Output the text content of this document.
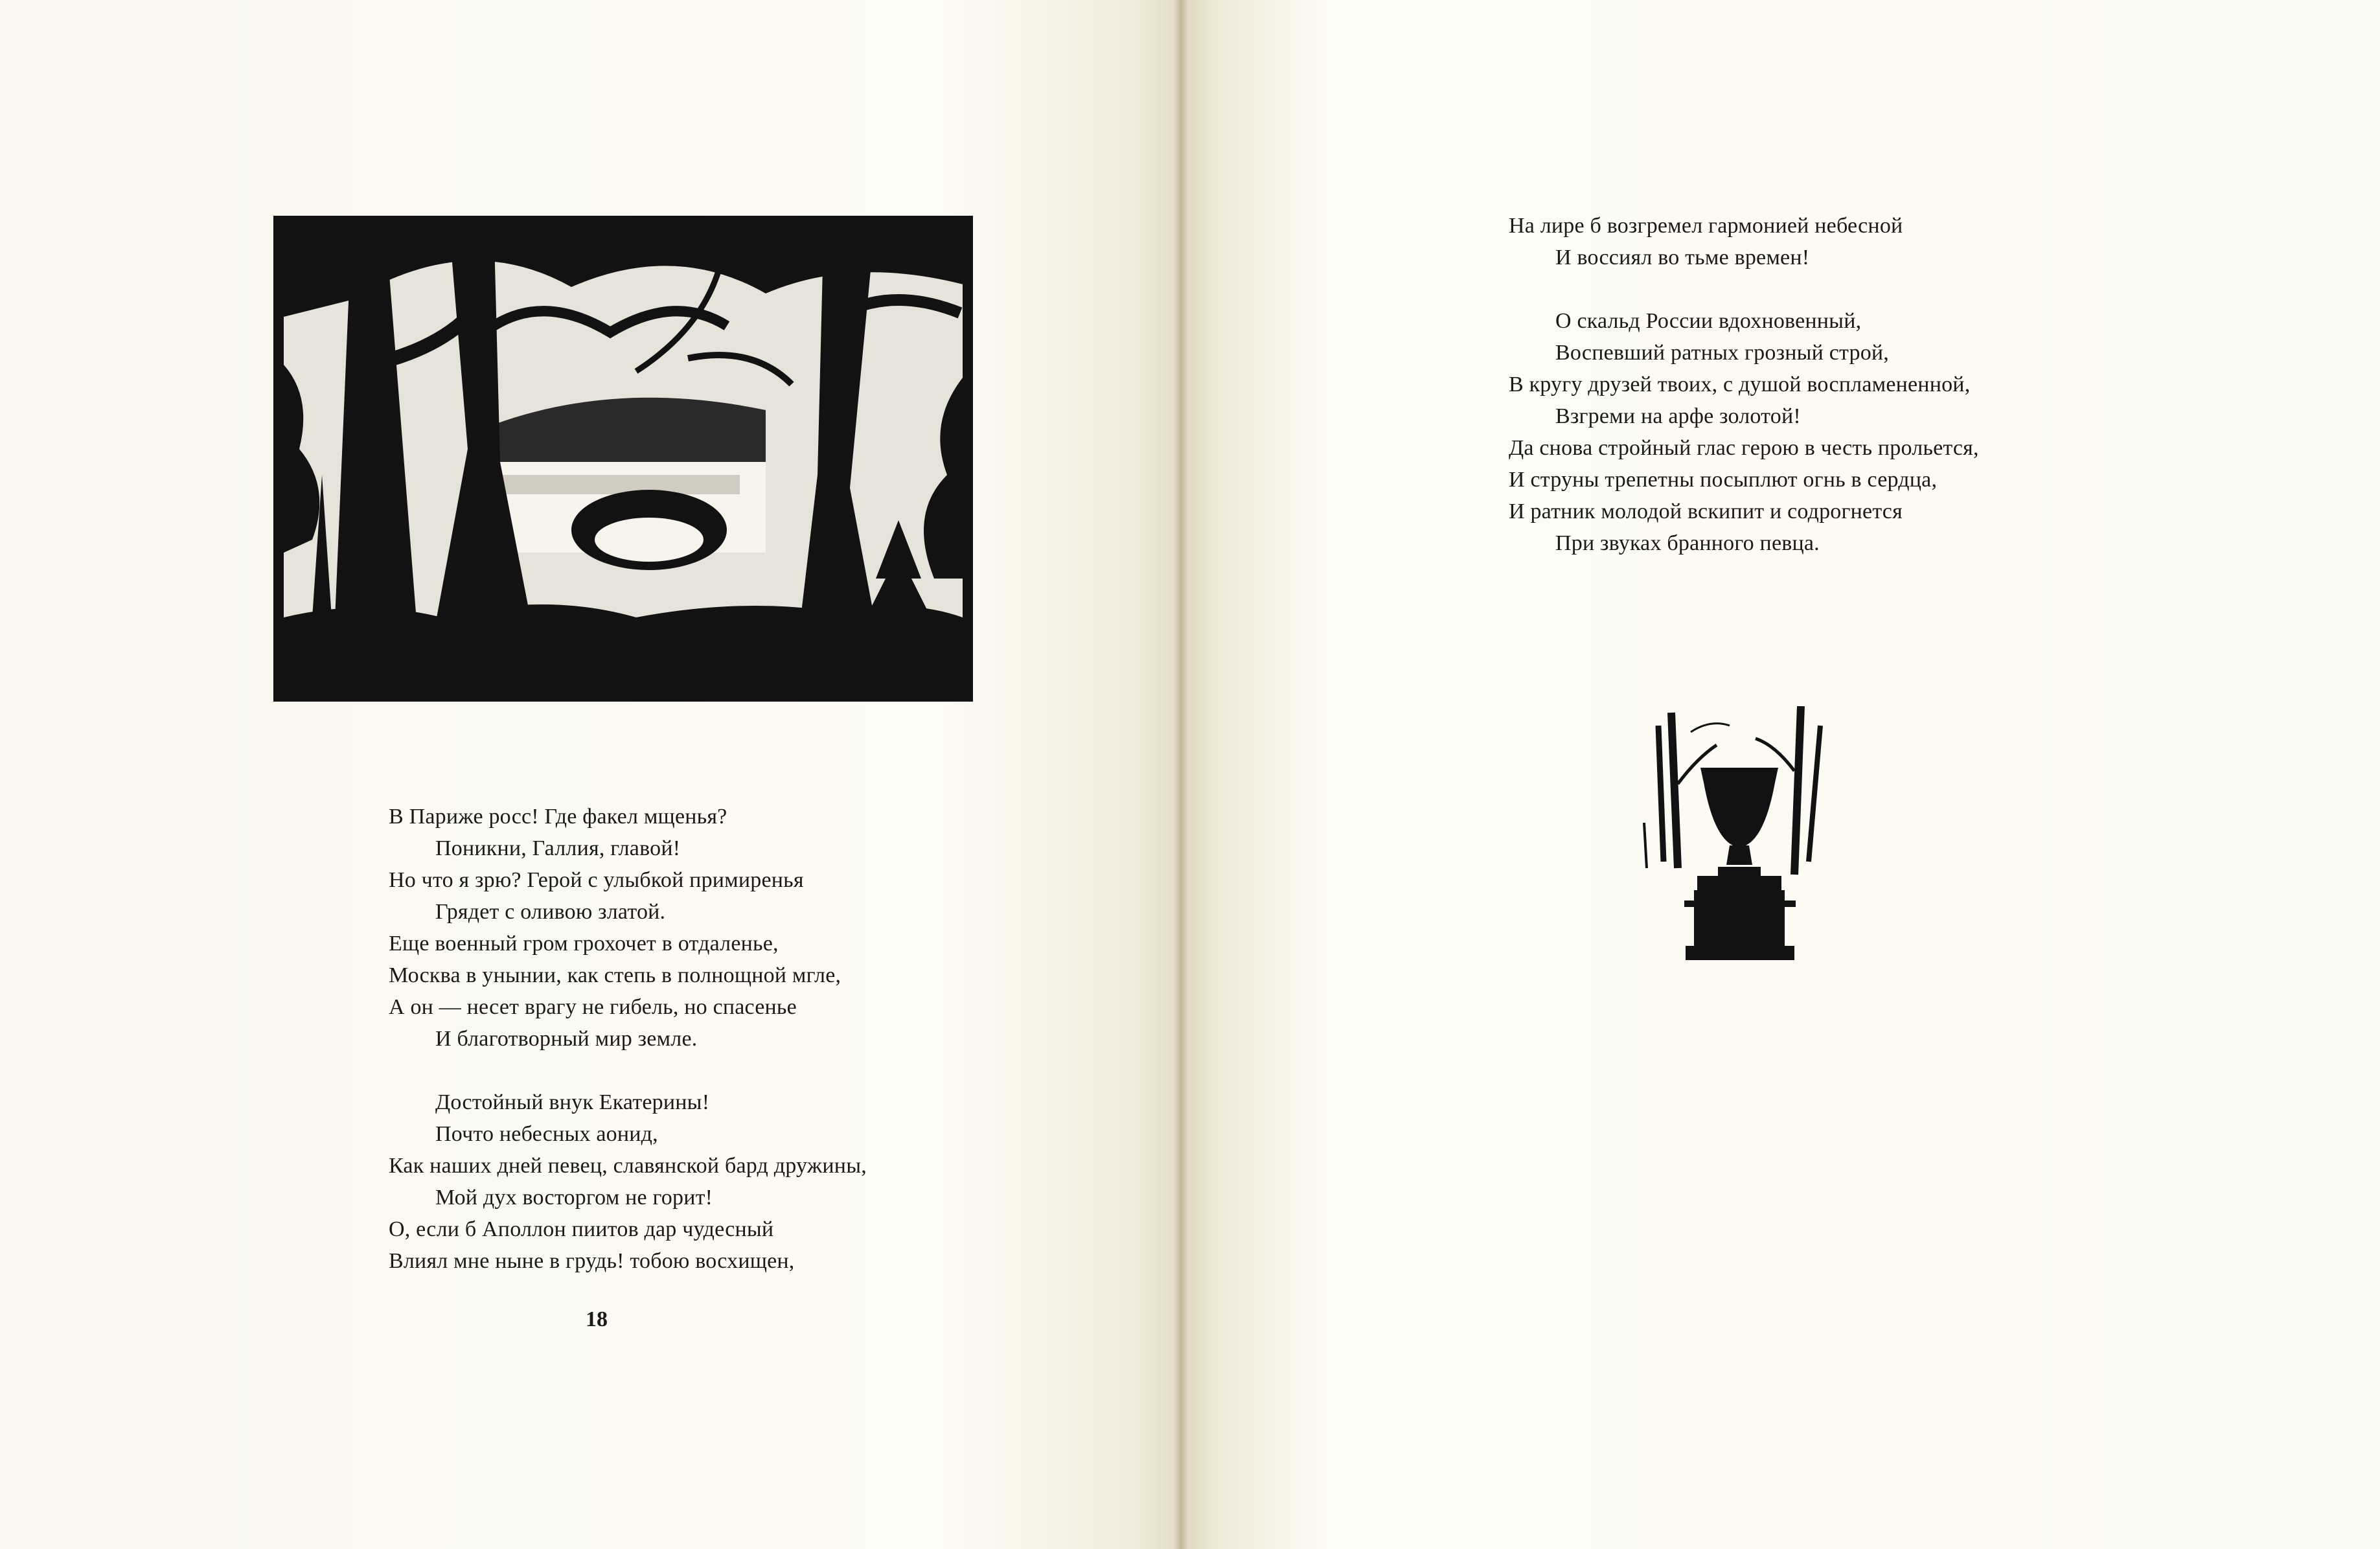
В Париже росс! Где факел мщенья?
Поникни, Галлия, главой!
Но что я зрю? Герой с улыбкой примиренья
Грядет с оливою златой.
Еще военный гром грохочет в отдаленье,
Москва в унынии, как степь в полнощной мгле,
А он — несет врагу не гибель, но спасенье
И благотворный мир земле.
Достойный внук Екатерины!
Почто небесных аонид,
Как наших дней певец, славянской бард дружины,
Мой дух восторгом не горит!
О, если б Аполлон пиитов дар чудесный
Влиял мне ныне в грудь! тобою восхищен,
18
На лире б возгремел гармонией небесной
И воссиял во тьме времен!
О скальд России вдохновенный,
Воспевший ратных грозный строй,
В кругу друзей твоих, с душой воспламененной,
Взгреми на арфе золотой!
Да снова стройный глас герою в честь прольется,
И струны трепетны посыплют огнь в сердца,
И ратник молодой вскипит и содрогнется
При звуках бранного певца.
